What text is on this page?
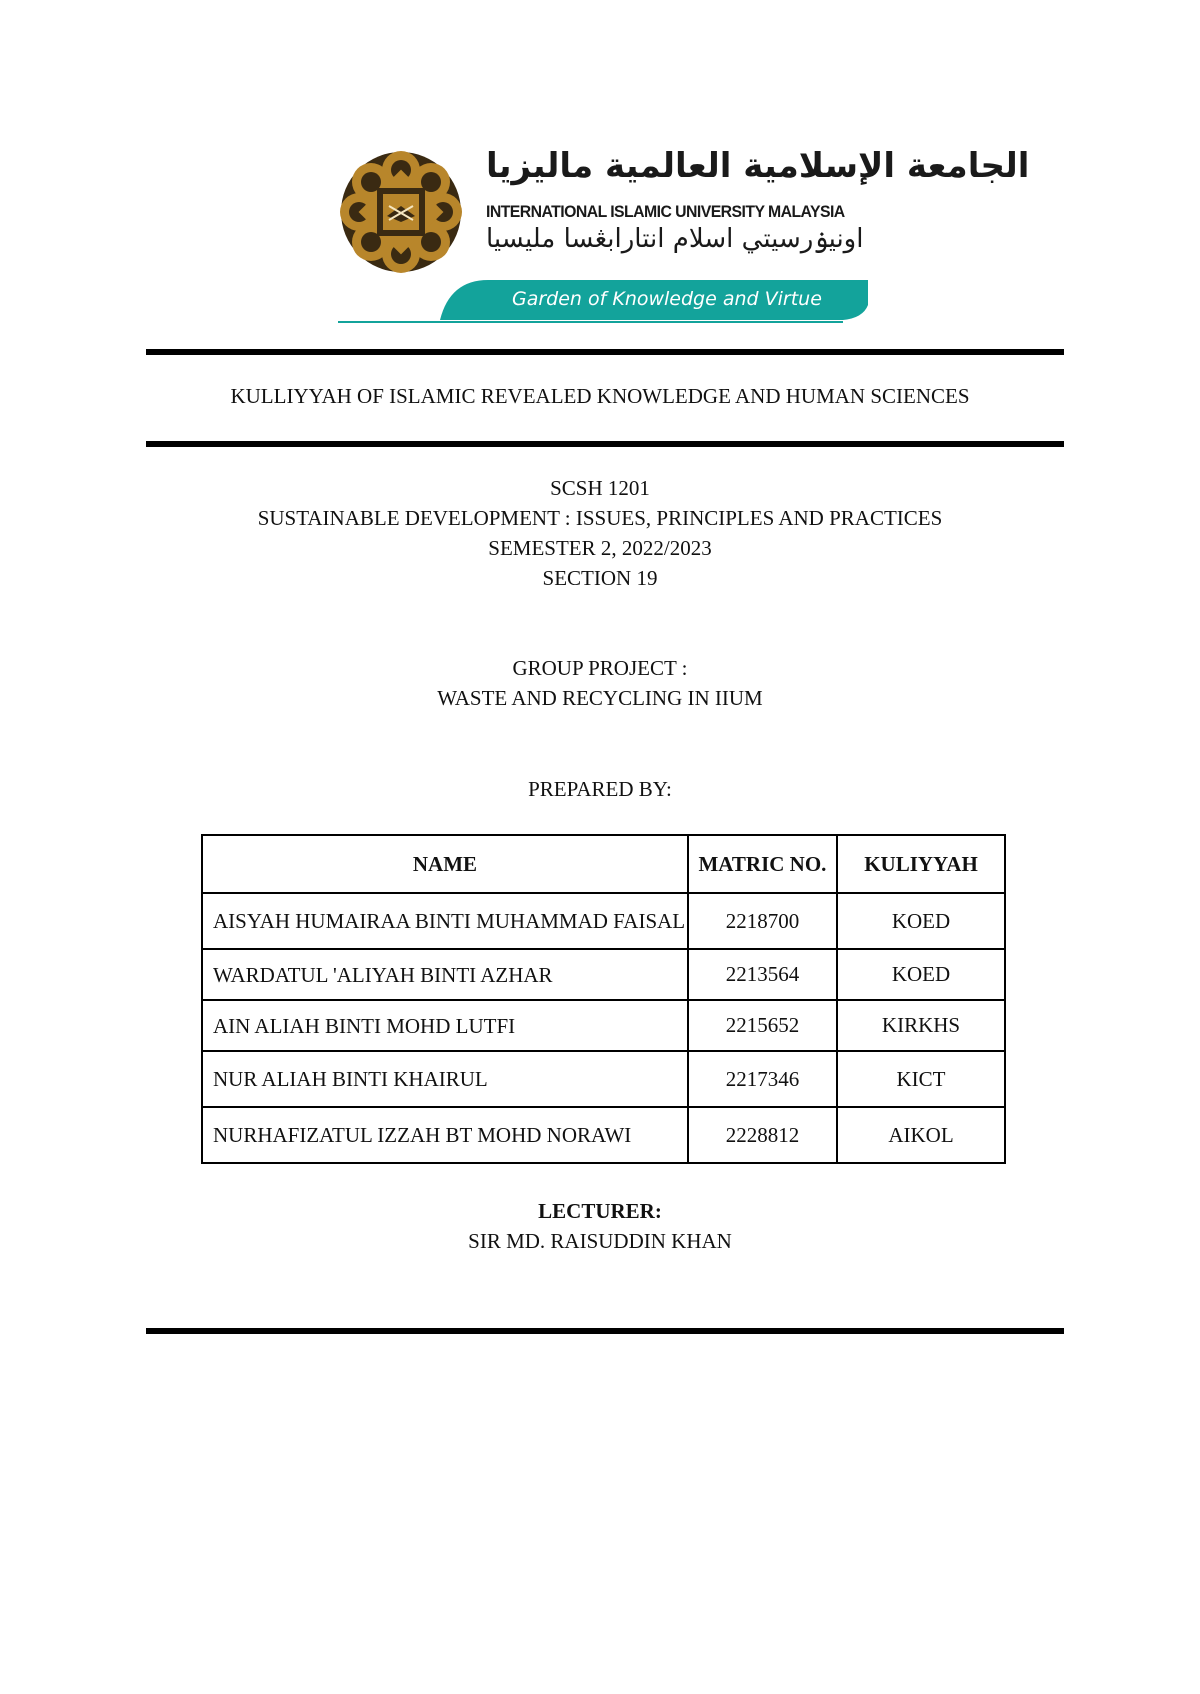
الجامعة الإسلامية العالمية ماليزيا
INTERNATIONAL ISLAMIC UNIVERSITY MALAYSIA
اونيۏرسيتي اسلام انتارابڠسا مليسيا
Garden of Knowledge and Virtue
KULLIYYAH OF ISLAMIC REVEALED KNOWLEDGE AND HUMAN SCIENCES
SCSH 1201
SUSTAINABLE DEVELOPMENT : ISSUES, PRINCIPLES AND PRACTICES
SEMESTER 2, 2022/2023
SECTION 19
GROUP PROJECT :
WASTE AND RECYCLING IN IIUM
PREPARED BY:
NAME	MATRIC NO.	KULIYYAH
AISYAH HUMAIRAA BINTI MUHAMMAD FAISAL	2218700	KOED
WARDATUL 'ALIYAH BINTI AZHAR	2213564	KOED
AIN ALIAH BINTI MOHD LUTFI	2215652	KIRKHS
NUR ALIAH BINTI KHAIRUL	2217346	KICT
NURHAFIZATUL IZZAH BT MOHD NORAWI	2228812	AIKOL
LECTURER:
SIR MD. RAISUDDIN KHAN
